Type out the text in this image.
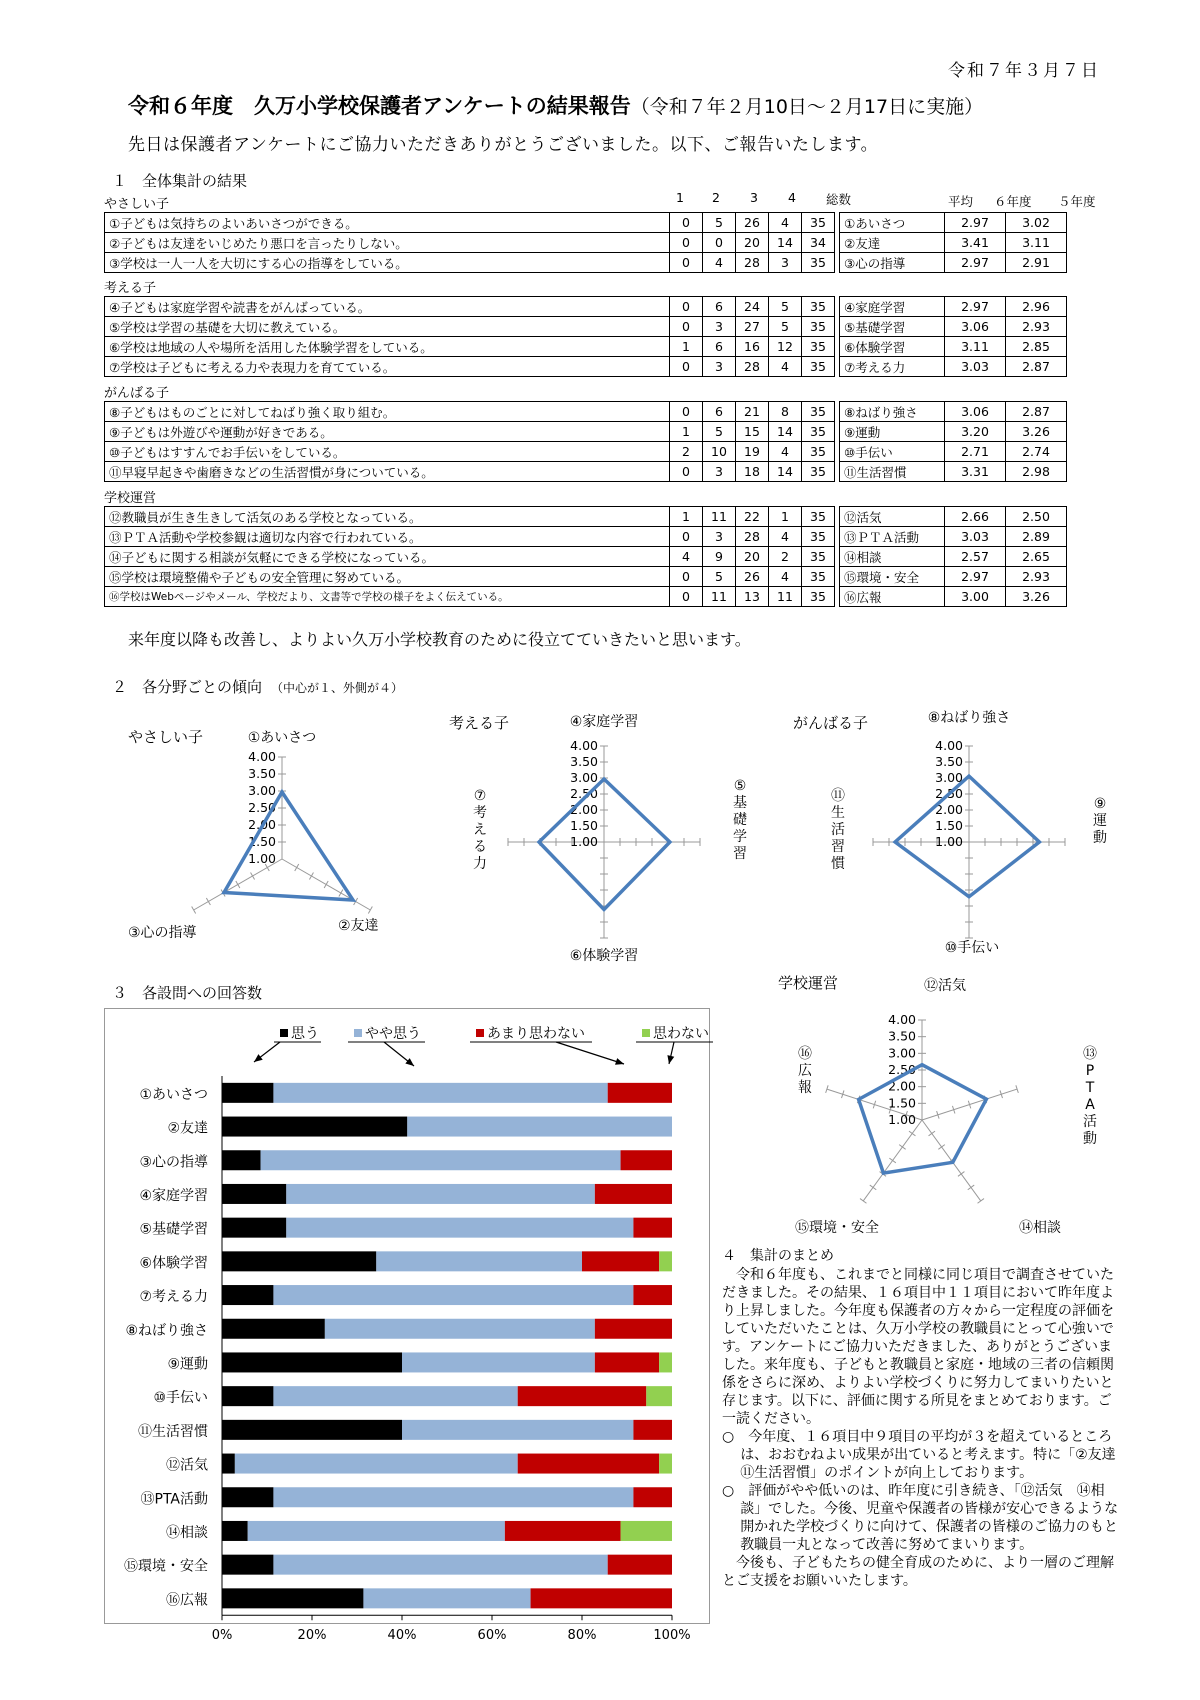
令和７年３月７日
令和６年度　久万小学校保護者アンケートの結果報告（令和７年２月10日～２月17日に実施）
先日は保護者アンケートにご協力いただきありがとうございました。以下、ご報告いたします。
１　全体集計の結果
1 2 3 4 総数	平均 ６年度 ５年度
やさしい子
①子どもは気持ちのよいあいさつができる。	0	5	26	4	35		①あいさつ	2.97	3.02
②子どもは友達をいじめたり悪口を言ったりしない。	0	0	20	14	34		②友達	3.41	3.11
③学校は一人一人を大切にする心の指導をしている。	0	4	28	3	35		③心の指導	2.97	2.91
考える子
④子どもは家庭学習や読書をがんばっている。	0	6	24	5	35		④家庭学習	2.97	2.96
⑤学校は学習の基礎を大切に教えている。	0	3	27	5	35		⑤基礎学習	3.06	2.93
⑥学校は地域の人や場所を活用した体験学習をしている。	1	6	16	12	35		⑥体験学習	3.11	2.85
⑦学校は子どもに考える力や表現力を育てている。	0	3	28	4	35		⑦考える力	3.03	2.87
がんばる子
⑧子どもはものごとに対してねばり強く取り組む。	0	6	21	8	35		⑧ねばり強さ	3.06	2.87
⑨子どもは外遊びや運動が好きである。	1	5	15	14	35		⑨運動	3.20	3.26
⑩子どもはすすんでお手伝いをしている。	2	10	19	4	35		⑩手伝い	2.71	2.74
⑪早寝早起きや歯磨きなどの生活習慣が身についている。	0	3	18	14	35		⑪生活習慣	3.31	2.98
学校運営
⑫教職員が生き生きして活気のある学校となっている。	1	11	22	1	35		⑫活気	2.66	2.50
⑬ＰＴＡ活動や学校参観は適切な内容で行われている。	0	3	28	4	35		⑬ＰＴＡ活動	3.03	2.89
⑭子どもに関する相談が気軽にできる学校になっている。	4	9	20	2	35		⑭相談	2.57	2.65
⑮学校は環境整備や子どもの安全管理に努めている。	0	5	26	4	35		⑮環境・安全	2.97	2.93
⑯学校はWebページやメール、学校だより、文書等で学校の様子をよく伝えている。	0	11	13	11	35		⑯広報	3.00	3.26
来年度以降も改善し、よりよい久万小学校教育のために役立てていきたいと思います。
２　各分野ごとの傾向　 （中心が１、外側が４）
やさしい子
1.00
1.50
2.00
2.50
3.00
3.50
4.00
①あいさつ
②友達
③心の指導
考える子
1.00
1.50
2.00
2.50
3.00
3.50
4.00
④家庭学習
⑤
基
礎
学
習
⑥体験学習
⑦
考
え
る
力
がんばる子
1.00
1.50
2.00
2.50
3.00
3.50
4.00
⑧ねばり強さ
⑨
運
動
⑩手伝い
⑪
生
活
習
慣
学校運営
1.00
1.50
2.00
2.50
3.00
3.50
4.00
⑫活気
⑬
P
T
A
活
動
⑭相談
⑮環境・安全
⑯
広
報
３　各設問への回答数
思う	やや思う	あまり思わない	思わない
①あいさつ
②友達
③心の指導
④家庭学習
⑤基礎学習
⑥体験学習
⑦考える力
⑧ねばり強さ
⑨運動
⑩手伝い
⑪生活習慣
⑫活気
⑬PTA活動
⑭相談
⑮環境・安全
⑯広報
0%	20%	40%	60%	80%	100%
４　集計のまとめ

　令和６年度も、これまでと同様に同じ項目で調査させていただきました。その結果、１６項目中１１項目において昨年度より上昇しました。今年度も保護者の方々から一定程度の評価をしていただいたことは、久万小学校の教職員にとって心強いです。アンケートにご協力いただきました、ありがとうございました。来年度も、子どもと教職員と家庭・地域の三者の信頼関係をさらに深め、よりよい学校づくりに努力してまいりたいと存じます。以下に、評価に関する所見をまとめております。ご一読ください。

○　今年度、１６項目中９項目の平均が３を超えているところは、おおむねよい成果が出ていると考えます。特に「②友達　⑪生活習慣」のポイントが向上しております。

○　評価がやや低いのは、昨年度に引き続き、「⑫活気　⑭相談」でした。今後、児童や保護者の皆様が安心できるような開かれた学校づくりに向けて、保護者の皆様のご協力のもと教職員一丸となって改善に努めてまいります。

　今後も、子どもたちの健全育成のために、より一層のご理解とご支援をお願いいたします。
